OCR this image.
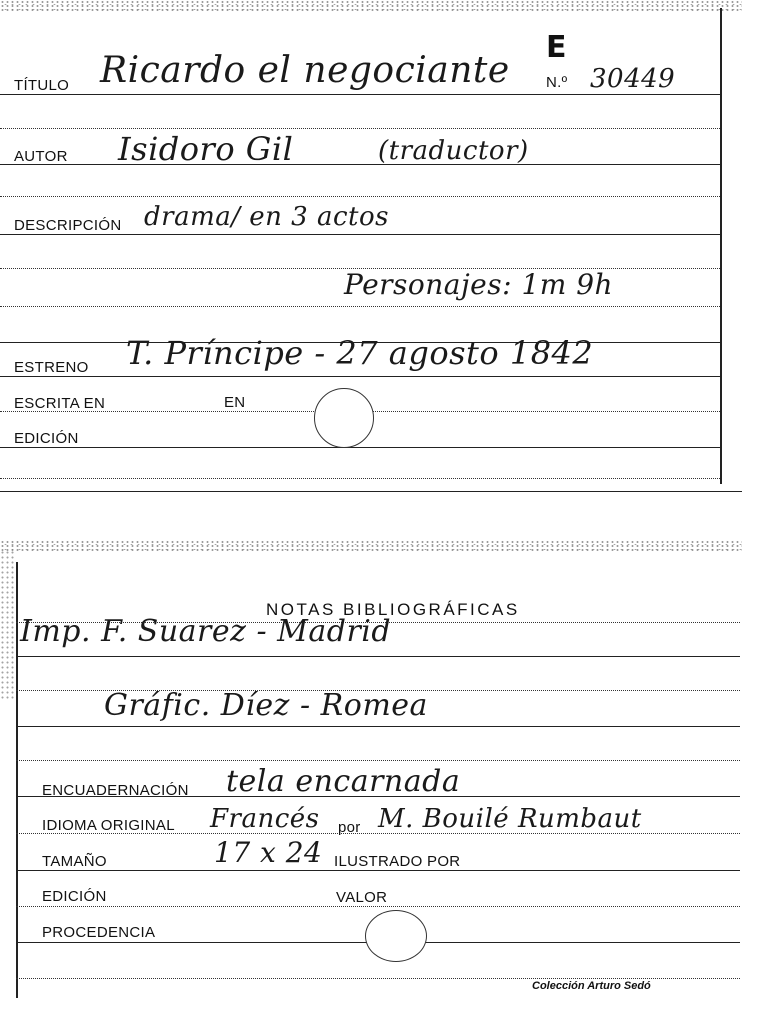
E
TÍTULO Ricardo el negociante N.º 30449
AUTOR Isidoro Gil	(traductor)
DESCRIPCIÓN drama/ en 3 actos
Personajes: 1m 9h
ESTRENO T. Príncipe - 27 agosto 1842
ESCRITA EN	EN
EDICIÓN
NOTAS BIBLIOGRÁFICAS
Imp. F. Suarez - Madrid
Gráfic. Díez - Romea
ENCUADERNACIÓN tela encarnada
IDIOMA ORIGINAL Francés por M. Bouilé Rumbaut
TAMAÑO	17 x 24 ILUSTRADO POR
EDICIÓN	VALOR
PROCEDENCIA
Colección Arturo Sedó
